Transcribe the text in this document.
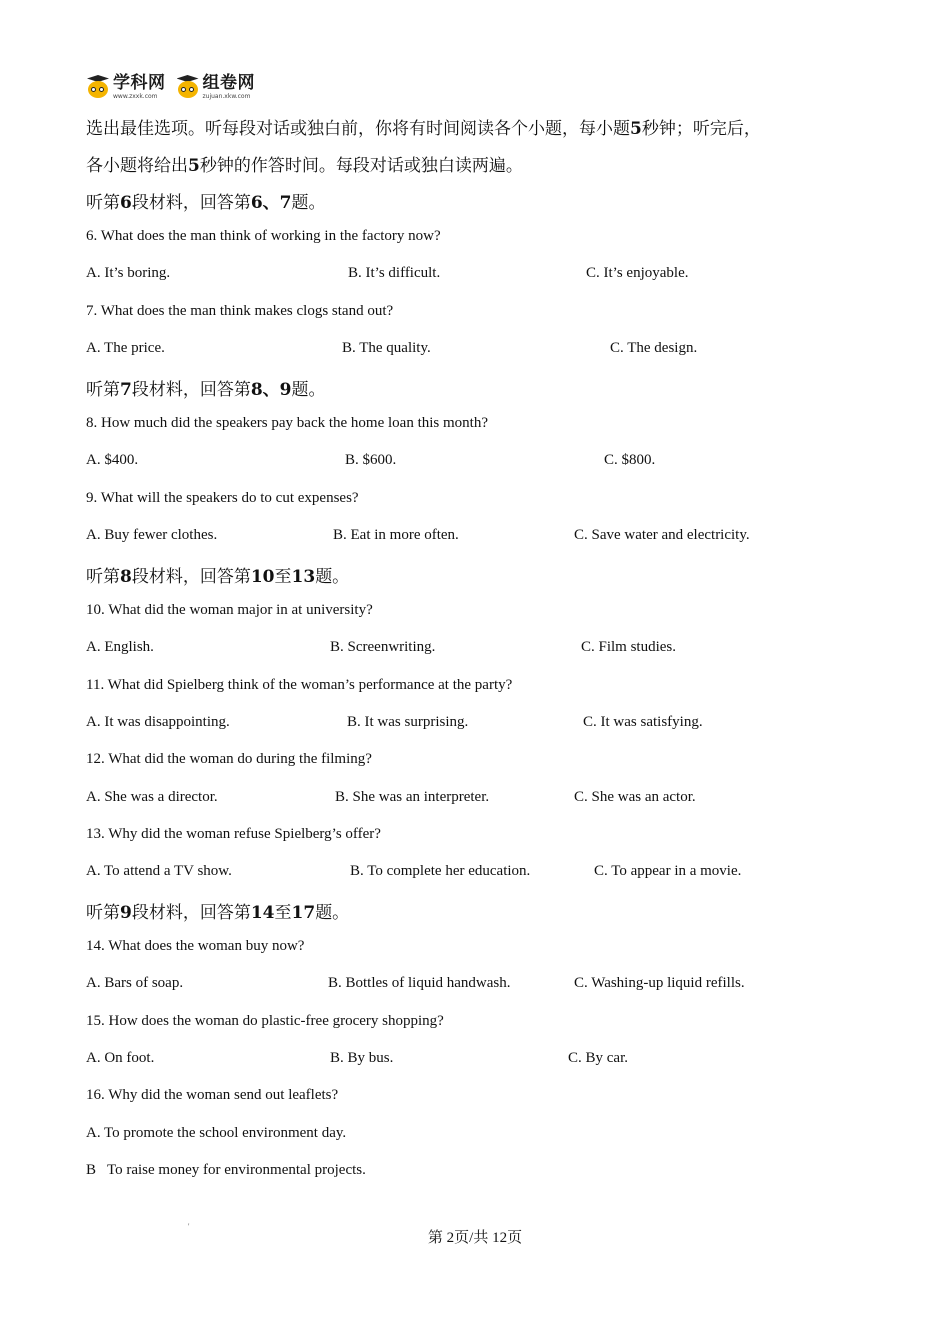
学科网
www.zxxk.com
组卷网
zujuan.xkw.com
选出最佳选项。听每段对话或独白前，你将有时间阅读各个小题，每小题5秒钟；听完后，
各小题将给出5秒钟的作答时间。每段对话或独白读两遍。
听第6段材料，回答第6、7题。
6. What does the man think of working in the factory now?
A. It’s boring.	B. It’s difficult.	C. It’s enjoyable.
7. What does the man think makes clogs stand out?
A. The price.	B. The quality.	C. The design.
听第7段材料，回答第8、9题。
8. How much did the speakers pay back the home loan this month?
A. $400.	B. $600.	C. $800.
9. What will the speakers do to cut expenses?
A. Buy fewer clothes.	B. Eat in more often.	C. Save water and electricity.
听第8段材料，回答第10至13题。
10. What did the woman major in at university?
A. English.	B. Screenwriting.	C. Film studies.
11. What did Spielberg think of the woman’s performance at the party?
A. It was disappointing.	B. It was surprising.	C. It was satisfying.
12. What did the woman do during the filming?
A. She was a director.	B. She was an interpreter.	C. She was an actor.
13. Why did the woman refuse Spielberg’s offer?
A. To attend a TV show.	B. To complete her education.	C. To appear in a movie.
听第9段材料，回答第14至17题。
14. What does the woman buy now?
A. Bars of soap.	B. Bottles of liquid handwash.	C. Washing-up liquid refills.
15. How does the woman do plastic-free grocery shopping?
A. On foot.	B. By bus.	C. By car.
16. Why did the woman send out leaflets?
A. To promote the school environment day.
B   To raise money for environmental projects.
'
第 2页/共 12页
